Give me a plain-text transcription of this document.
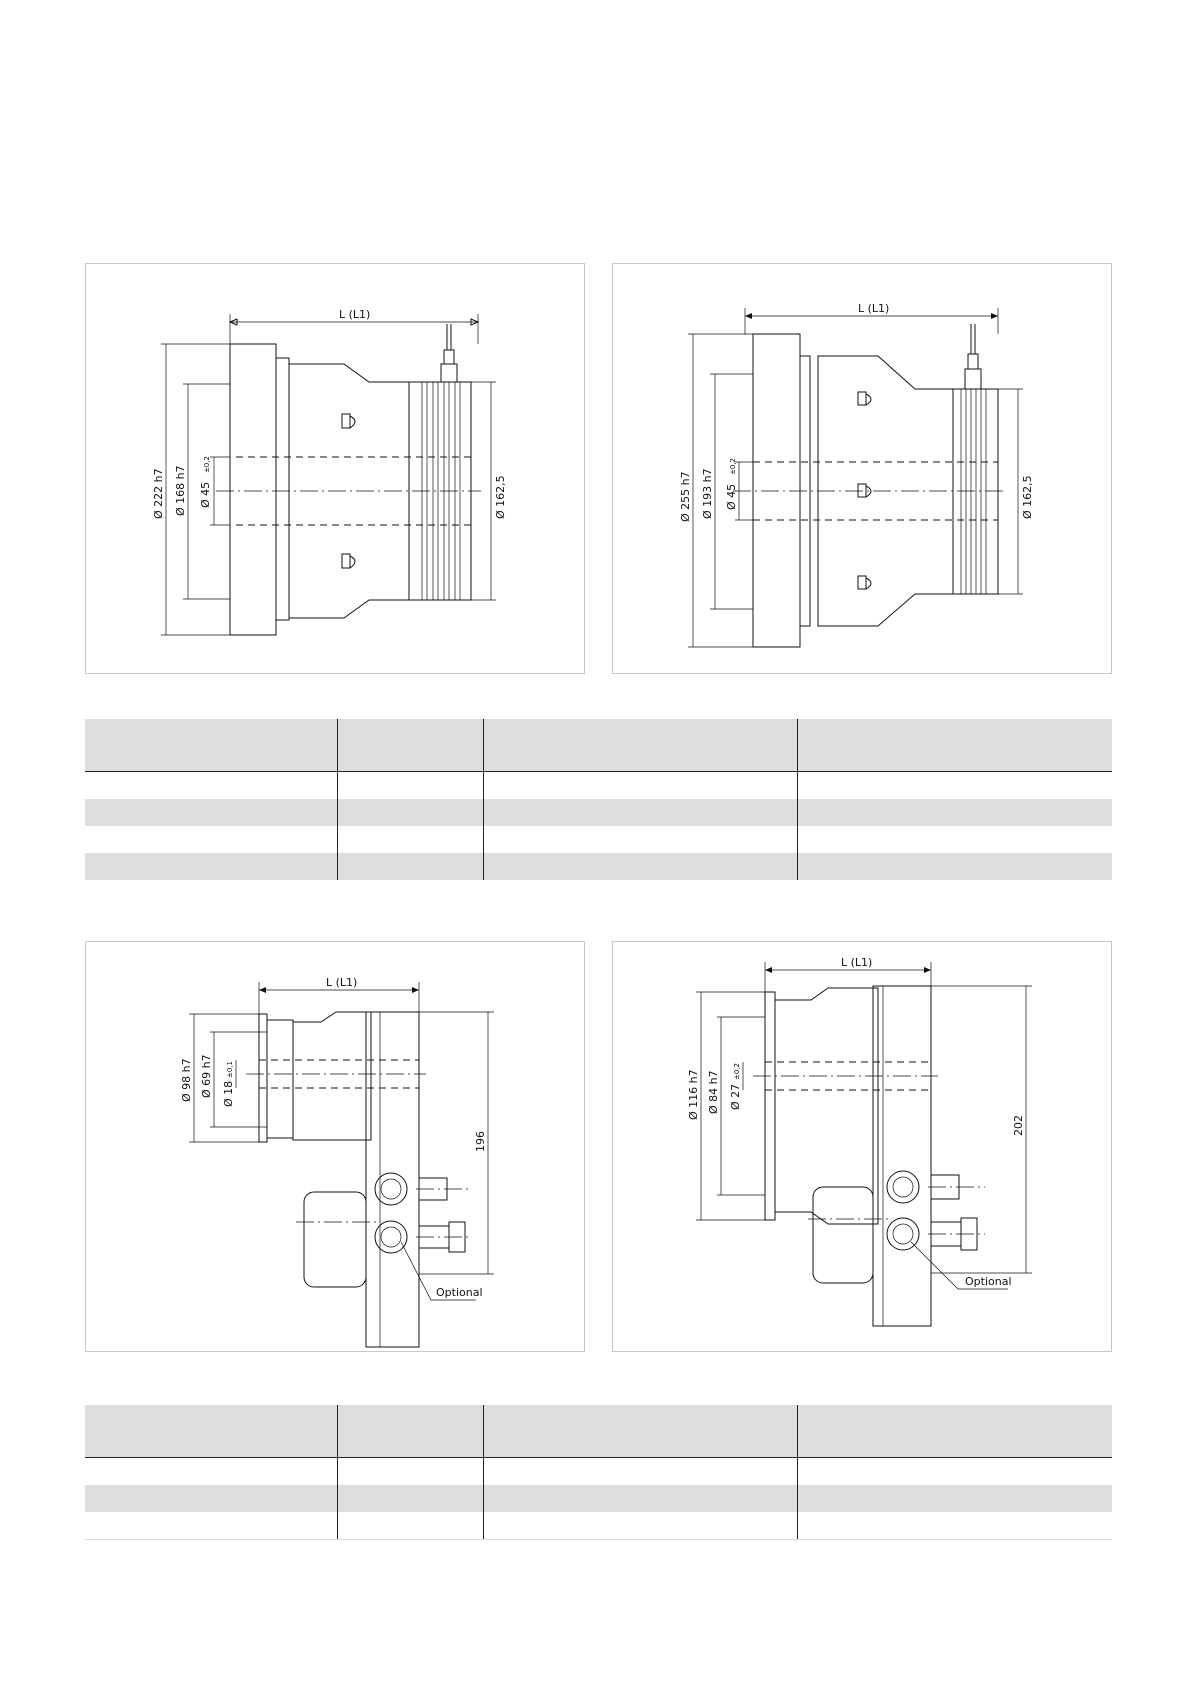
L (L1)
Ø 222 h7 Ø 168 h7 Ø 45
±0,2
Ø 162,5
L (L1)
Ø 255 h7 Ø 193 h7 Ø 45
±0,2
Ø 162,5

L (L1)
Optional
Ø 98 h7 Ø 69 h7 Ø 18
±0,1
196
L (L1)
Optional
Ø 116 h7 Ø 84 h7 Ø 27
±0,2
202
